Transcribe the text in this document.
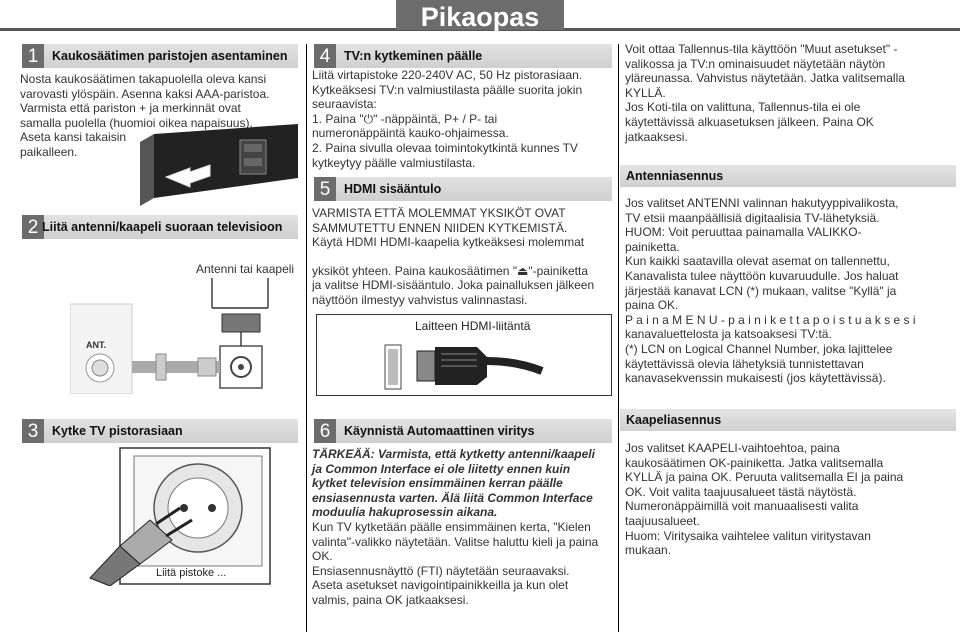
Pikaopas
1	Kaukosäätimen paristojen asentaminen
Nosta kaukosäätimen takapuolella oleva kansi
varovasti ylöspäin. Asenna kaksi AAA-paristoa.
Varmista että pariston + ja merkinnät ovat
samalla puolella (huomioi oikea napaisuus).
Aseta kansi takaisin
paikalleen.
2 Liitä antenni/kaapeli suoraan televisioon
Antenni tai kaapeli
ANT.
3	Kytke TV pistorasiaan
Liitä pistoke ...
4	TV:n kytkeminen päälle
Liitä virtapistoke 220-240V AC, 50 Hz pistorasiaan.
Kytkeäksesi TV:n valmiustilasta päälle suorita jokin
seuraavista:
1. Paina "⏻" -näppäintä, P+ / P- tai
numeronäppäintä kauko-ohjaimessa.
2. Paina sivulla olevaa toimintokytkintä kunnes TV
kytkeytyy päälle valmiustilasta.
5	HDMI sisääntulo
VARMISTA ETTÄ MOLEMMAT YKSIKÖT OVAT
SAMMUTETTU ENNEN NIIDEN KYTKEMISTÄ.
Käytä HDMI HDMI-kaapelia kytkeäksesi molemmat
yksiköt yhteen. Paina kaukosäätimen "⏏"-painiketta
ja valitse HDMI-sisääntulo. Joka painalluksen jälkeen
näyttöön ilmestyy vahvistus valinnastasi.
Laitteen HDMI-liitäntä
6	Käynnistä Automaattinen viritys
TÄRKEÄÄ: Varmista, että kytketty antenni/kaapeli
ja Common Interface ei ole liitetty ennen kuin
kytket television ensimmäinen kerran päälle
ensiasennusta varten. Älä liitä Common Interface
moduulia hakuprosessin aikana.
Kun TV kytketään päälle ensimmäinen kerta, "Kielen
valinta"-valikko näytetään. Valitse haluttu kieli ja paina
OK.
Ensiasennusnäyttö (FTI) näytetään seuraavaksi.
Aseta asetukset navigointipainikkeilla ja kun olet
valmis, paina OK jatkaaksesi.
Voit ottaa Tallennus-tila käyttöön "Muut asetukset" -
valikossa ja TV:n ominaisuudet näytetään näytön
yläreunassa. Vahvistus näytetään. Jatka valitsemalla
KYLLÄ.
Jos Koti-tila on valittuna, Tallennus-tila ei ole
käytettävissä alkuasetuksen jälkeen. Paina OK
jatkaaksesi.
Antenniasennus
Jos valitset ANTENNI valinnan hakutyyppivalikosta,
TV etsii maanpäällisiä digitaalisia TV-lähetyksiä.
HUOM: Voit peruuttaa painamalla VALIKKO-
painiketta.
Kun kaikki saatavilla olevat asemat on tallennettu,
Kanavalista tulee näyttöön kuvaruudulle. Jos haluat
järjestää kanavat LCN (*) mukaan, valitse "Kyllä" ja
paina OK.
P a i n a M E N U - p a i n i k e t t a p o i s t u a k s e s i
kanavaluettelosta ja katsoaksesi TV:tä.
(*) LCN on Logical Channel Number, joka lajittelee
käytettävissä olevia lähetyksiä tunnistettavan
kanavasekvenssin mukaisesti (jos käytettävissä).
Kaapeliasennus
Jos valitset KAAPELI-vaihtoehtoa, paina
kaukosäätimen OK-painiketta. Jatka valitsemalla
KYLLÄ ja paina OK. Peruuta valitsemalla EI ja paina
OK. Voit valita taajuusalueet tästä näytöstä.
Numeronäppäimillä voit manuaalisesti valita
taajuusalueet.
Huom: Viritysaika vaihtelee valitun viritystavan
mukaan.
